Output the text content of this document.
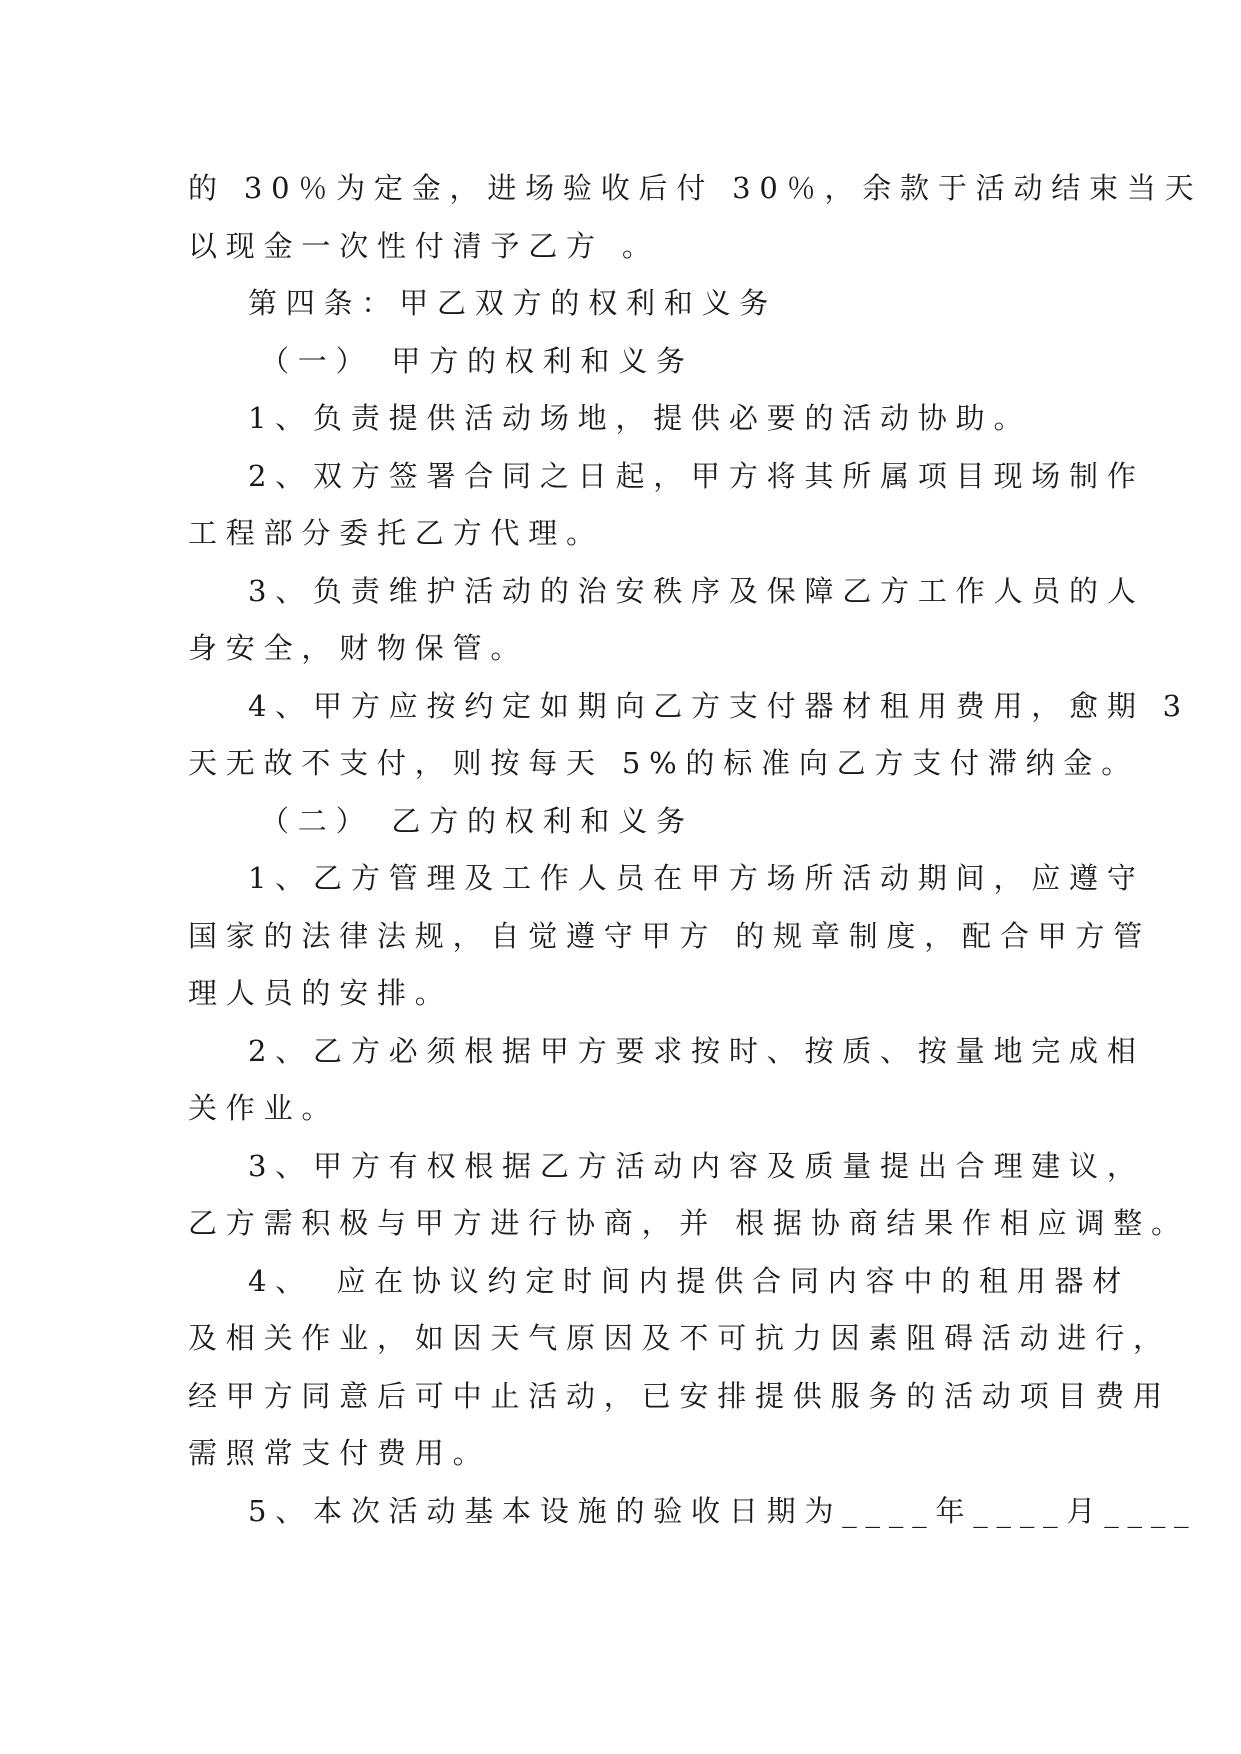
的 30％为定金，进场验收后付 30％，余款于活动结束当天
以现金一次性付清予乙方 。
第四条：甲乙双方的权利和义务
（一） 甲方的权利和义务
1、负责提供活动场地，提供必要的活动协助。
2、双方签署合同之日起，甲方将其所属项目现场制作
工程部分委托乙方代理。
3、负责维护活动的治安秩序及保障乙方工作人员的人
身安全，财物保管。
4、甲方应按约定如期向乙方支付器材租用费用，愈期 3
天无故不支付，则按每天 5%的标准向乙方支付滞纳金。
（二） 乙方的权利和义务
1、乙方管理及工作人员在甲方场所活动期间，应遵守
国家的法律法规，自觉遵守甲方 的规章制度，配合甲方管
理人员的安排。
2、乙方必须根据甲方要求按时、按质、按量地完成相
关作业。
3、甲方有权根据乙方活动内容及质量提出合理建议，
乙方需积极与甲方进行协商，并 根据协商结果作相应调整。
4、　应在协议约定时间内提供合同内容中的租用器材
及相关作业，如因天气原因及不可抗力因素阻碍活动进行，
经甲方同意后可中止活动，已安排提供服务的活动项目费用
需照常支付费用。
5、本次活动基本设施的验收日期为____年____月____
